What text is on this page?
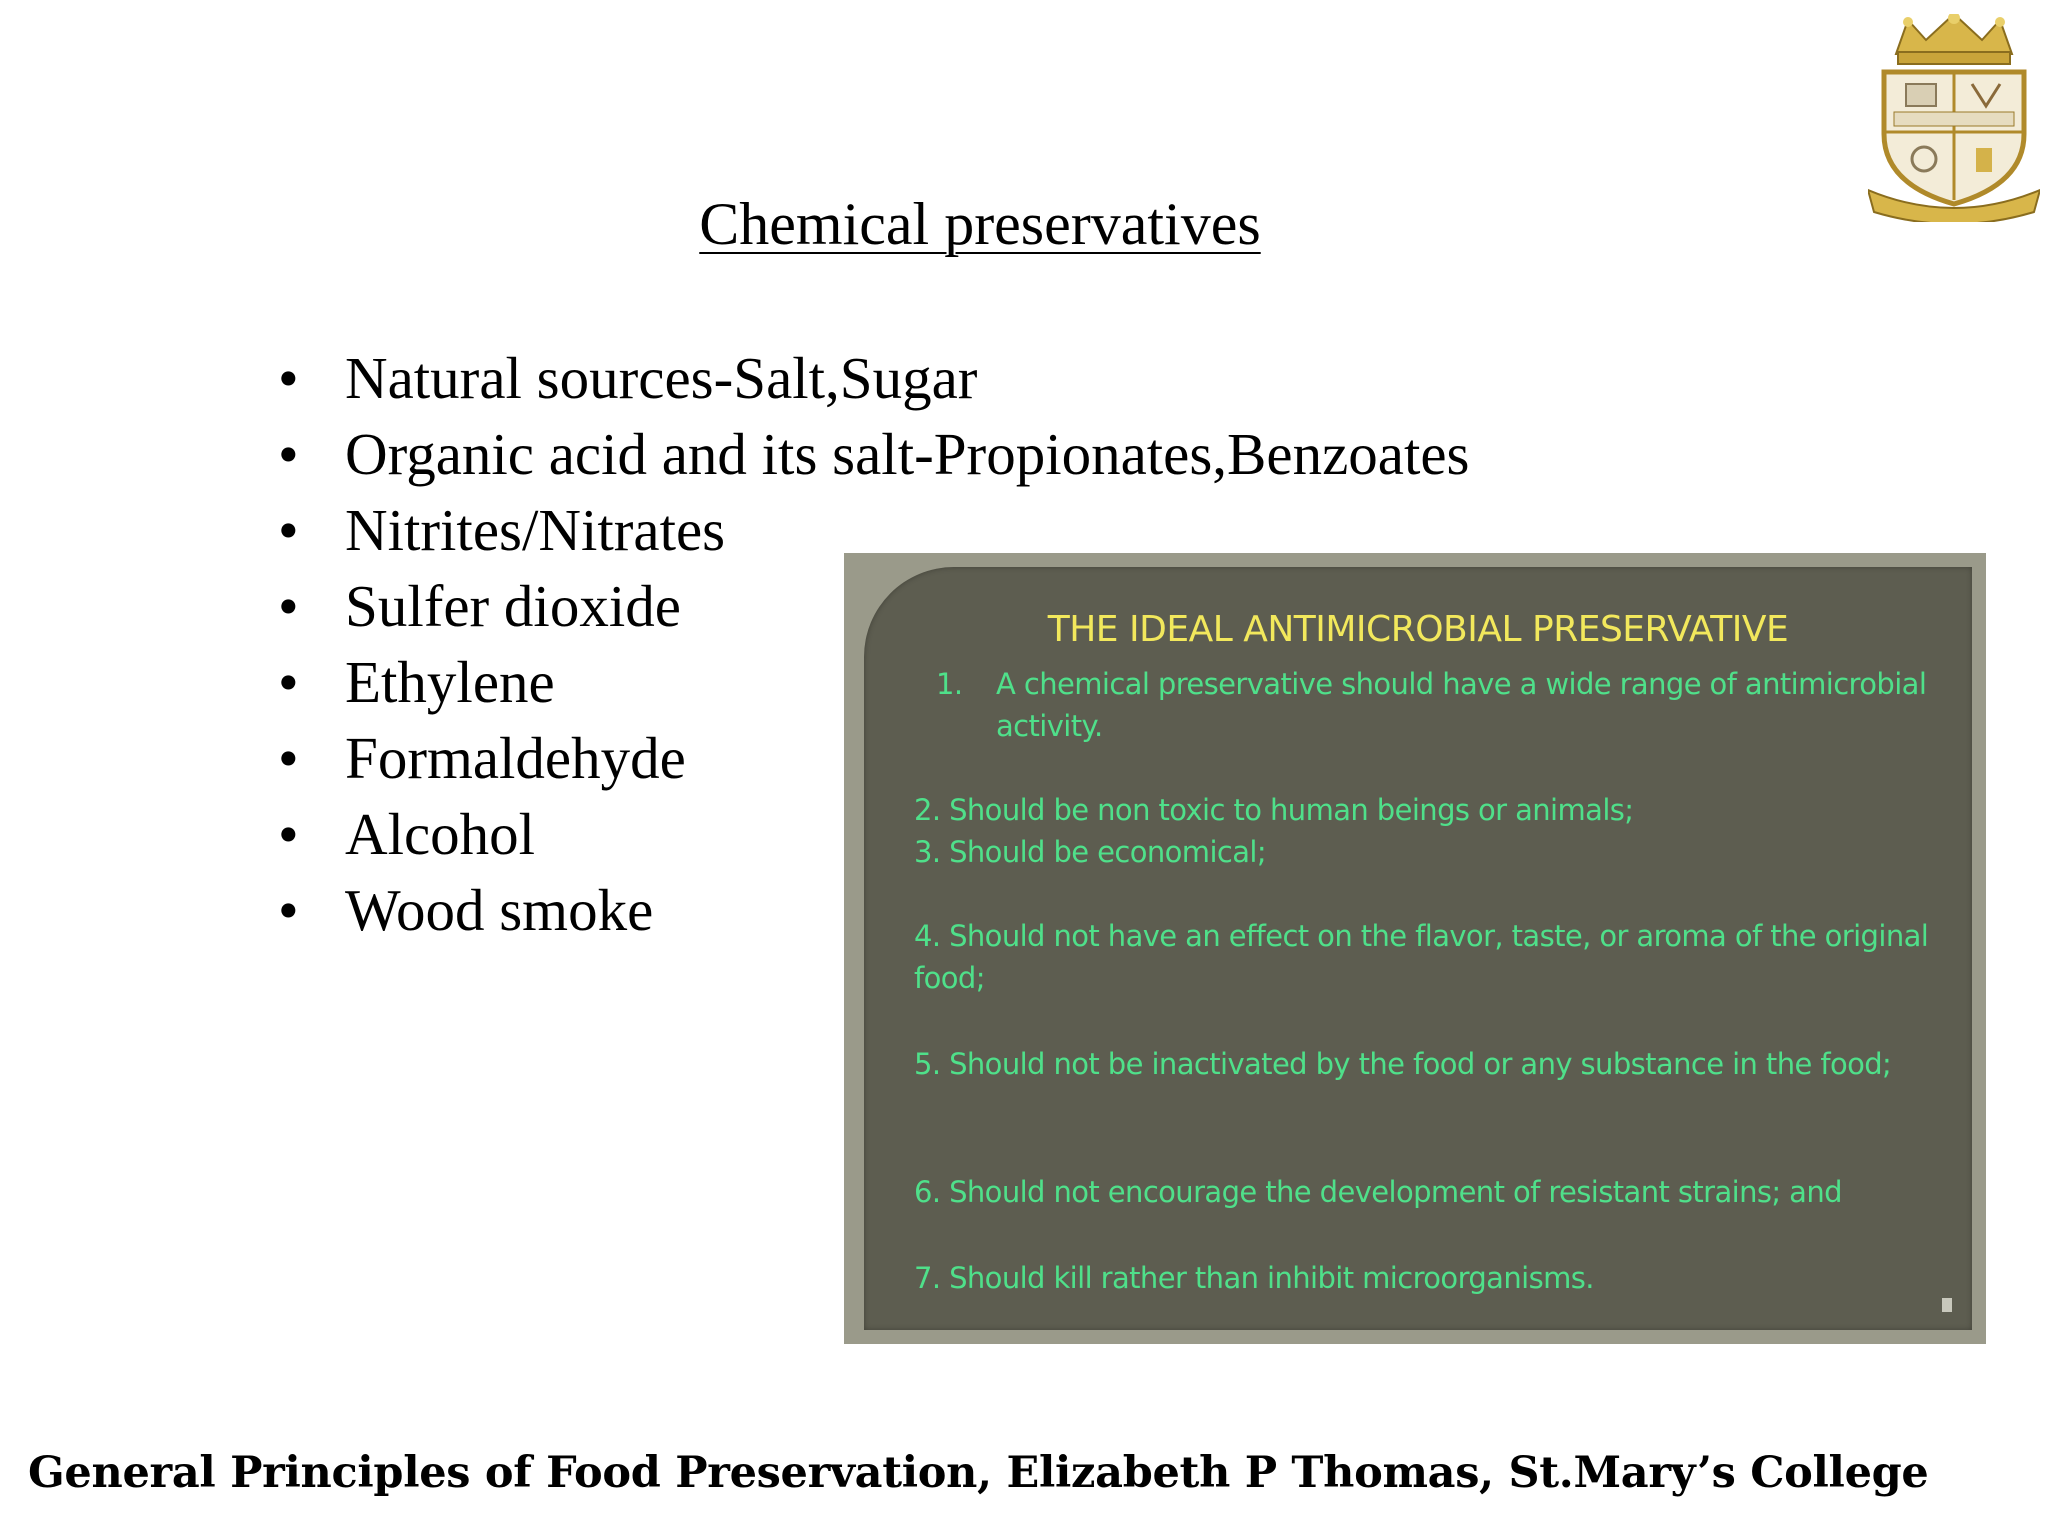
Chemical preservatives
• Natural sources-Salt,Sugar
• Organic acid and its salt-Propionates,Benzoates
• Nitrites/Nitrates
• Sulfer dioxide
• Ethylene
• Formaldehyde
• Alcohol
• Wood smoke
THE IDEAL ANTIMICROBIAL PRESERVATIVE
1. A chemical preservative should have a wide range of antimicrobial activity.
2. Should be non toxic to human beings or animals;
3. Should be economical;
4. Should not have an effect on the flavor, taste, or aroma of the original food;
5. Should not be inactivated by the food or any substance in the food;
6. Should not encourage the development of resistant strains; and
7. Should kill rather than inhibit microorganisms.
General Principles of Food Preservation, Elizabeth P Thomas, St.Mary’s College
